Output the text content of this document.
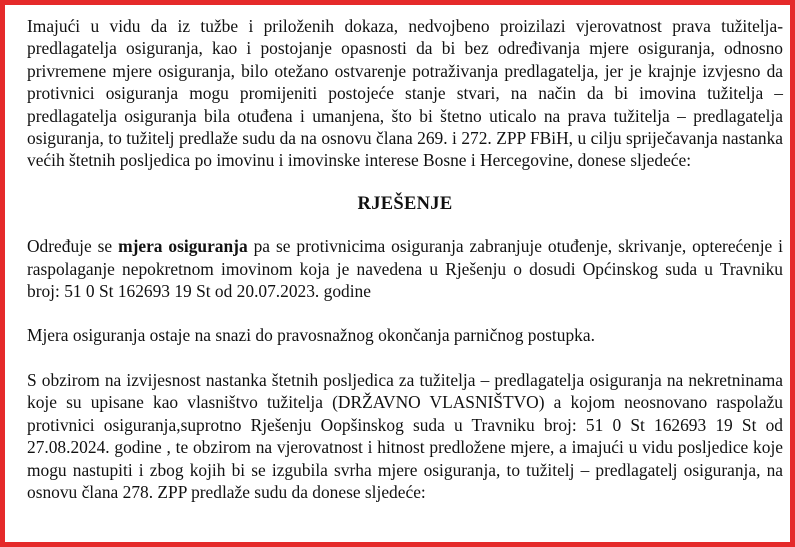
Imajući u vidu da iz tužbe i priloženih dokaza, nedvojbeno proizilazi vjerovatnost prava tužitelja-predlagatelja osiguranja, kao i postojanje opasnosti da bi bez određivanja mjere osiguranja, odnosno privremene mjere osiguranja, bilo otežano ostvarenje potraživanja predlagatelja, jer je krajnje izvjesno da protivnici osiguranja mogu promijeniti postojeće stanje stvari, na način da bi imovina tužitelja – predlagatelja osiguranja bila otuđena i umanjena, što bi štetno uticalo na prava tužitelja – predlagatelja osiguranja, to tužitelj predlaže sudu da na osnovu člana 269. i 272. ZPP FBiH, u cilju spriječavanja nastanka većih štetnih posljedica po imovinu i imovinske interese Bosne i Hercegovine, donese sljedeće:

RJEŠENJE

Određuje se mjera osiguranja pa se protivnicima osiguranja zabranjuje otuđenje, skrivanje, opterećenje i raspolaganje nepokretnom imovinom koja je navedena u Rješenju o dosudi Općinskog suda u Travniku broj: 51 0 St 162693 19 St od 20.07.2023. godine

Mjera osiguranja ostaje na snazi do pravosnažnog okončanja parničnog postupka.

S obzirom na izvijesnost nastanka štetnih posljedica za tužitelja – predlagatelja osiguranja na nekretninama koje su upisane kao vlasništvo tužitelja (DRŽAVNO VLASNIŠTVO) a kojom neosnovano raspolažu protivnici osiguranja,suprotno Rješenju Oopšinskog suda u Travniku broj: 51 0 St 162693 19 St od 27.08.2024. godine , te obzirom na vjerovatnost i hitnost predložene mjere, a imajući u vidu posljedice koje mogu nastupiti i zbog kojih bi se izgubila svrha mjere osiguranja, to tužitelj – predlagatelj osiguranja, na osnovu člana 278. ZPP predlaže sudu da donese sljedeće:
